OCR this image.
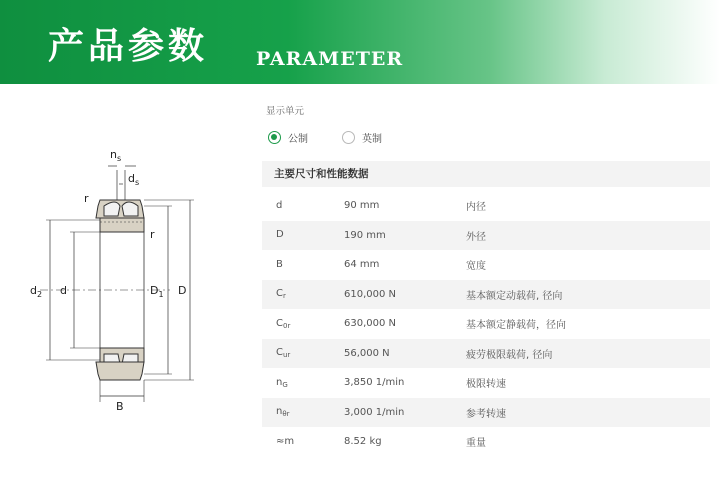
产品参数	PARAMETER
$n_s$
$d_s$
r
r
$d_2$ d	$D_1$ D
B
显示单元
公制	英制
主要尺寸和性能数据
d	90 mm	内径
D	190 mm	外径
B	64 mm	宽度
$C_r$	610,000 N	基本额定动载荷, 径向
$C_{0r}$	630,000 N	基本额定静载荷，径向
$C_{ur}$	56,000 N	疲劳极限载荷, 径向
$n_G$	3,850 1/min	极限转速
$n_{\theta r}$	3,000 1/min	参考转速
≈m	8.52 kg	重量
